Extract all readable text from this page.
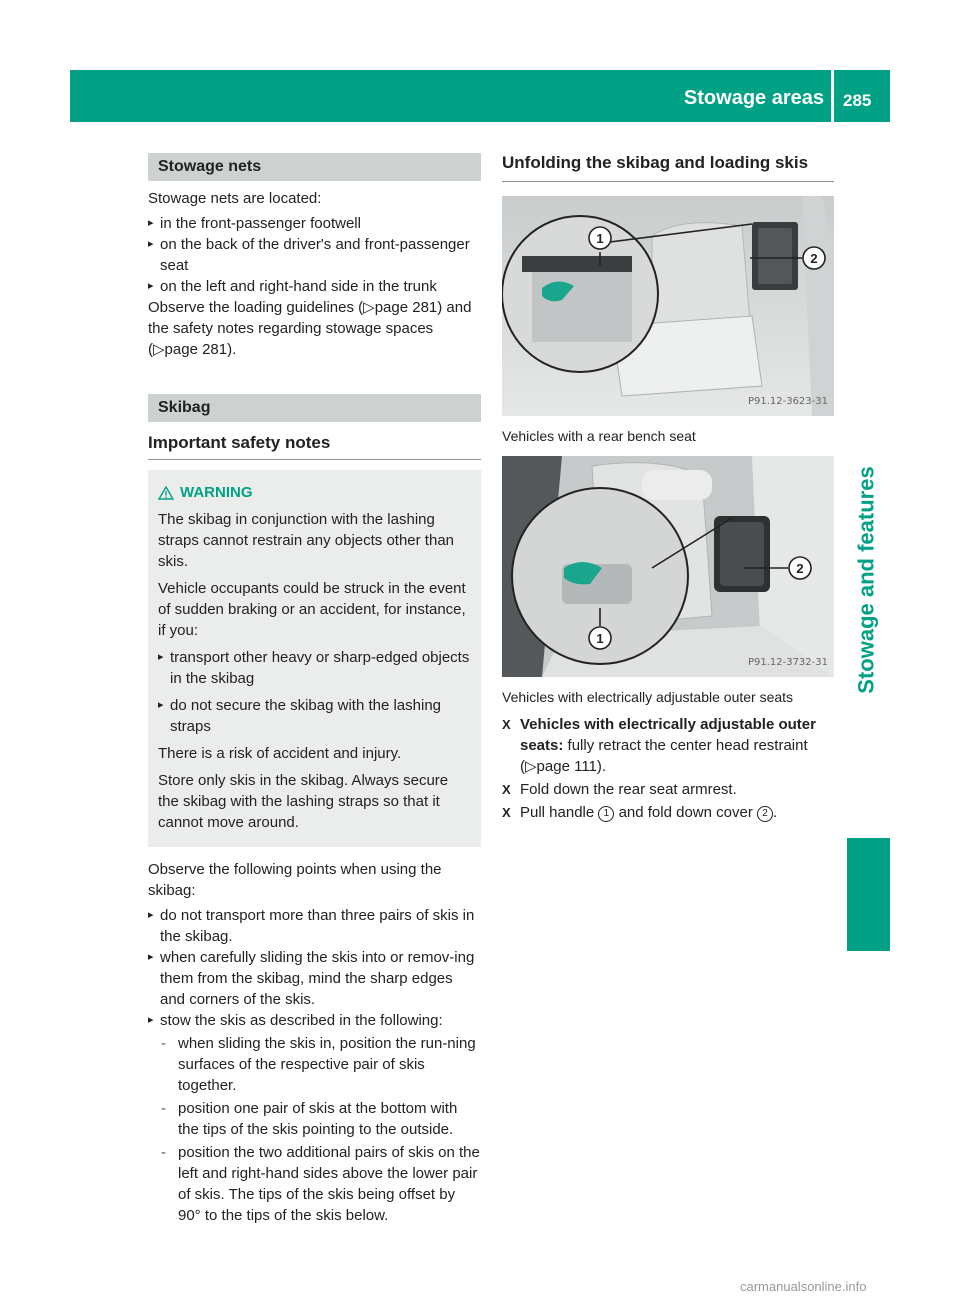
Stowage areas 285
Stowage and features
Stowage nets

Stowage nets are located:

▸ in the front-passenger footwell
▸ on the back of the driver's and front-passenger seat
▸ on the left and right-hand side in the trunk

Observe the loading guidelines (▷page 281) and the safety notes regarding stowage spaces (▷page 281).

Skibag
Important safety notes
WARNING

The skibag in conjunction with the lashing straps cannot restrain any objects other than skis.

Vehicle occupants could be struck in the event of sudden braking or an accident, for instance, if you:

▸ transport other heavy or sharp-edged objects in the skibag
▸ do not secure the skibag with the lashing straps

There is a risk of accident and injury.

Store only skis in the skibag. Always secure the skibag with the lashing straps so that it cannot move around.

Observe the following points when using the skibag:

▸ do not transport more than three pairs of skis in the skibag.
▸ when carefully sliding the skis into or remov-ing them from the skibag, mind the sharp edges and corners of the skis.
▸ stow the skis as described in the following:
- when sliding the skis in, position the run-ning surfaces of the respective pair of skis together.
- position one pair of skis at the bottom with the tips of the skis pointing to the outside.
- position the two additional pairs of skis on the left and right-hand sides above the lower pair of skis. The tips of the skis being offset by 90° to the tips of the skis below.
Unfolding the skibag and loading skis
1
2
P91.12-3623-31

Vehicles with a rear bench seat

1
2
P91.12-3732-31

Vehicles with electrically adjustable outer seats

X Vehicles with electrically adjustable outer seats: fully retract the center head restraint (▷page 111).
X Fold down the rear seat armrest.
X Pull handle 1 and fold down cover 2 .
carmanualsonline.info
